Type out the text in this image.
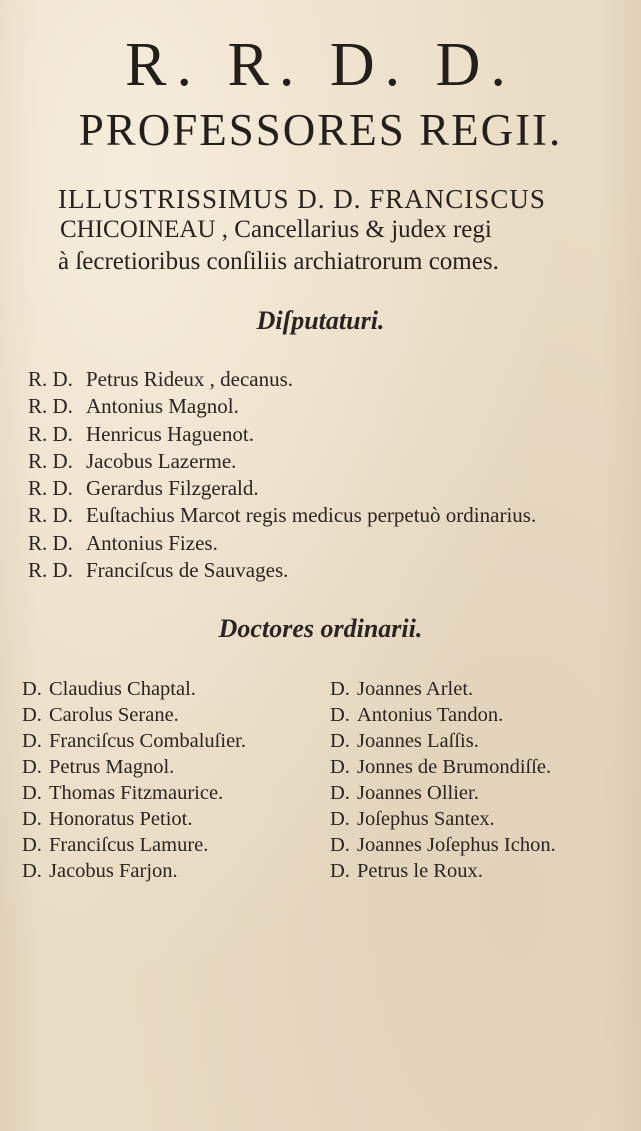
R. R. D. D.
PROFESSORES REGII.
ILLUSTRISSIMUS D. D. FRANCISCUS
CHICOINEAU , Cancellarius & judex regi
à ſecretioribus conſiliis archiatrorum comes.
Diſputaturi.
R. D. Petrus Rideux , decanus.
R. D. Antonius Magnol.
R. D. Henricus Haguenot.
R. D. Jacobus Lazerme.
R. D. Gerardus Filzgerald.
R. D. Euſtachius Marcot regis medicus perpetuò ordinarius.
R. D. Antonius Fizes.
R. D. Franciſcus de Sauvages.
Doctores ordinarii.
D. Claudius Chaptal.
D. Carolus Serane.
D. Franciſcus Combaluſier.
D. Petrus Magnol.
D. Thomas Fitzmaurice.
D. Honoratus Petiot.
D. Franciſcus Lamure.
D. Jacobus Farjon.
D. Joannes Arlet.
D. Antonius Tandon.
D. Joannes Laſſis.
D. Jonnes de Brumondiſſe.
D. Joannes Ollier.
D. Joſephus Santex.
D. Joannes Joſephus Ichon.
D. Petrus le Roux.
